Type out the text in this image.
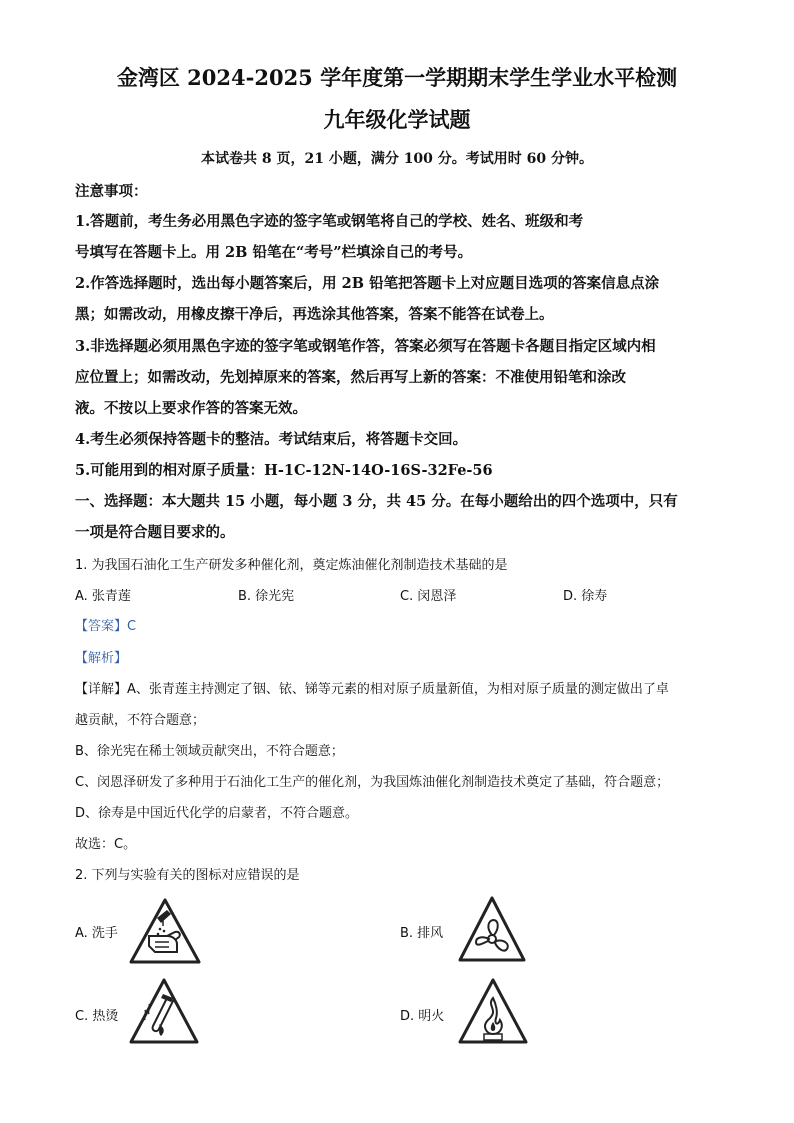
金湾区 2024-2025 学年度第一学期期末学生学业水平检测
九年级化学试题
本试卷共 8 页，21 小题，满分 100 分。考试用时 60 分钟。
注意事项：
1.答题前，考生务必用黑色字迹的签字笔或钢笔将自己的学校、姓名、班级和考
号填写在答题卡上。用 2B 铅笔在“考号”栏填涂自己的考号。
2.作答选择题时，选出每小题答案后，用 2B 铅笔把答题卡上对应题目选项的答案信息点涂
黑；如需改动，用橡皮擦干净后，再选涂其他答案，答案不能答在试卷上。
3.非选择题必须用黑色字迹的签字笔或钢笔作答，答案必须写在答题卡各题目指定区域内相
应位置上；如需改动，先划掉原来的答案，然后再写上新的答案：不准使用铅笔和涂改
液。不按以上要求作答的答案无效。
4.考生必须保持答题卡的整洁。考试结束后，将答题卡交回。
5.可能用到的相对原子质量：H-1C-12N-14O-16S-32Fe-56
一、选择题：本大题共 15 小题，每小题 3 分，共 45 分。在每小题给出的四个选项中，只有
一项是符合题目要求的。
1. 为我国石油化工生产研发多种催化剂，奠定炼油催化剂制造技术基础的是
A. 张青莲	B. 徐光宪	C. 闵恩泽	D. 徐寿
【答案】C
【解析】
【详解】A、张青莲主持测定了铟、铱、锑等元素的相对原子质量新值，为相对原子质量的测定做出了卓
越贡献，不符合题意；
B、徐光宪在稀土领域贡献突出，不符合题意；
C、闵恩泽研发了多种用于石油化工生产的催化剂，为我国炼油催化剂制造技术奠定了基础，符合题意；
D、徐寿是中国近代化学的启蒙者，不符合题意。
故选：C。
2. 下列与实验有关的图标对应错误的是
A. 洗手	B. 排风
C. 热烫	D. 明火
